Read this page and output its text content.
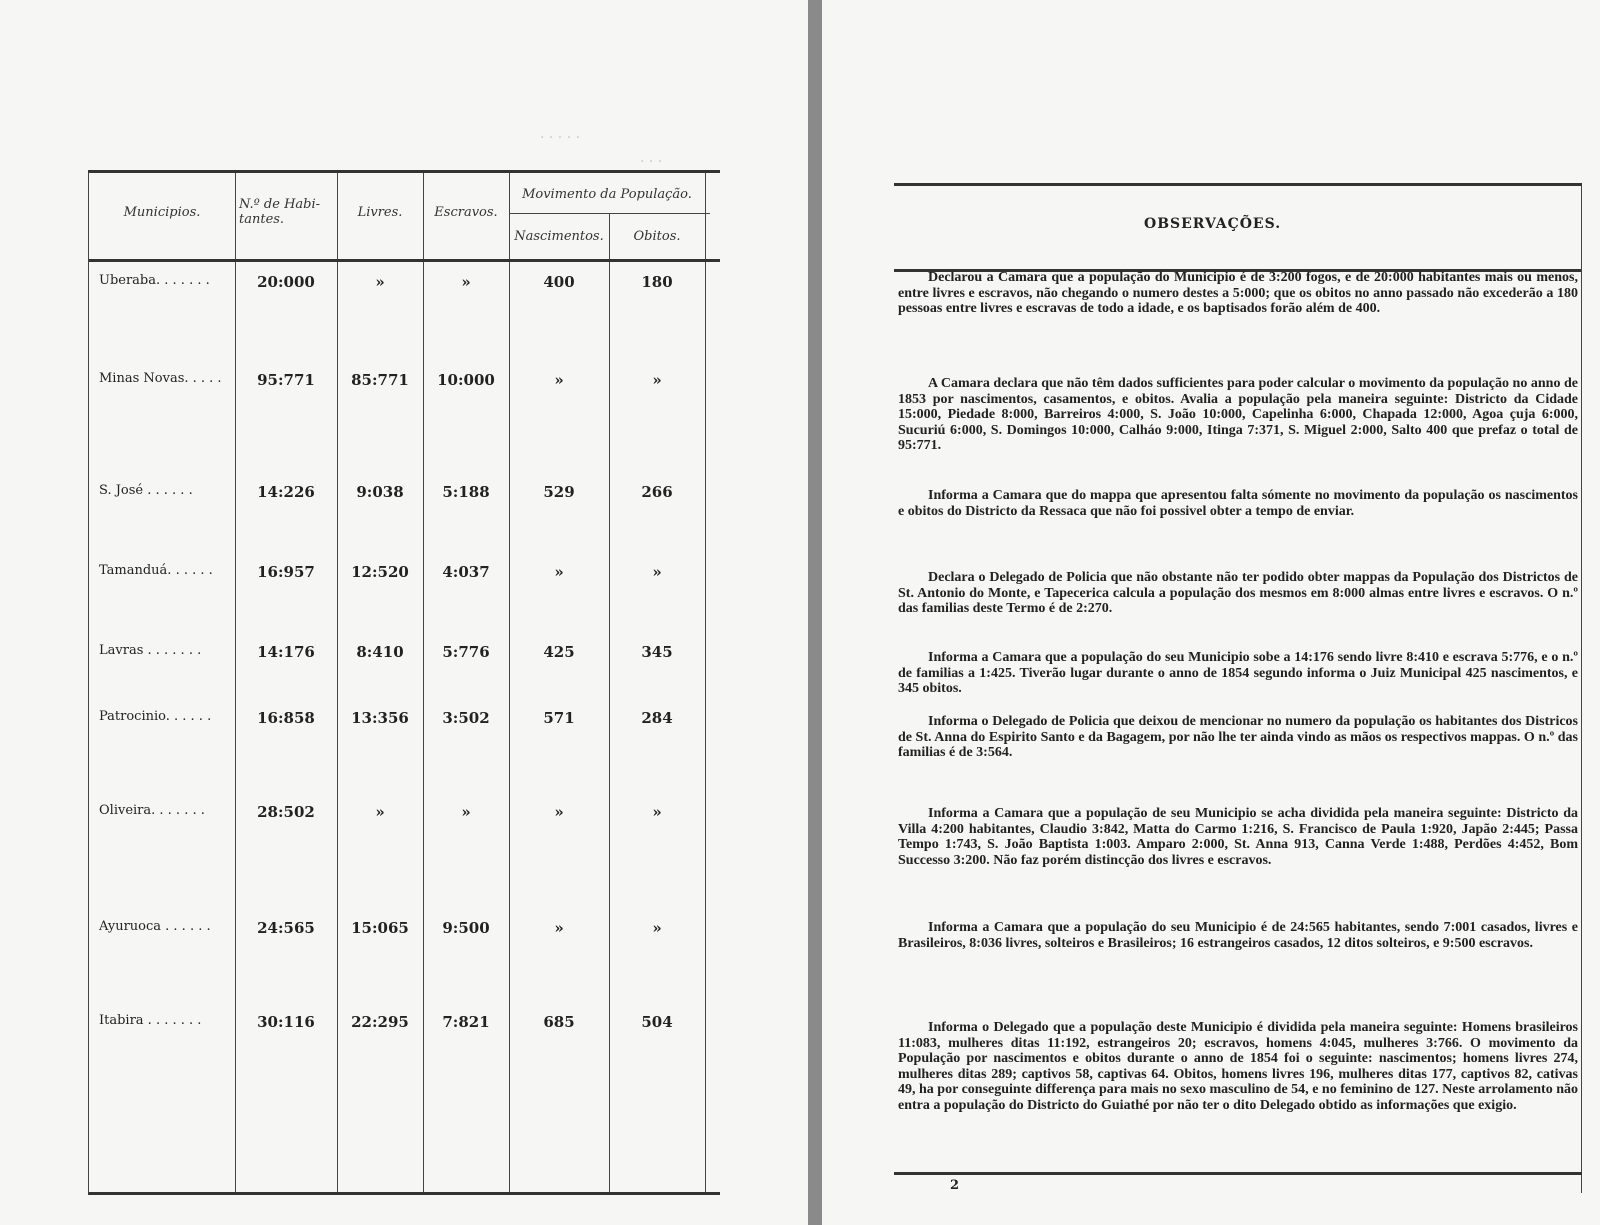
. . . . .
. . .
Municipios.
N.º de Habi-tantes.	Livres.	Escravos.
Movimento da População.
Nascimentos.	Obitos.
Uberaba. . . . . . .	20:000	»	»	400	180
Minas Novas. . . . .	95:771	85:771	10:000	»	»
S. José . . . . . .	14:226	9:038	5:188	529	266
Tamanduá. . . . . .	16:957	12:520	4:037	»	»
Lavras . . . . . . .	14:176	8:410	5:776	425	345
Patrocinio. . . . . .	16:858	13:356	3:502	571	284
Oliveira. . . . . . .	28:502	»	»	»	»
Ayuruoca . . . . . .	24:565	15:065	9:500	»	»
Itabira . . . . . . .	30:116	22:295	7:821	685	504
OBSERVAÇÕES.
Declarou a Camara que a população do Municipio é de 3:200 fogos, e de 20:000 habitantes mais ou menos, entre livres e escravos, não chegando o numero destes a 5:000; que os obitos no anno passado não excederão a 180 pessoas entre livres e escravas de todo a idade, e os baptisados forão além de 400.
A Camara declara que não têm dados sufficientes para poder calcular o movimento da população no anno de 1853 por nascimentos, casamentos, e obitos. Avalia a população pela maneira seguinte: Districto da Cidade 15:000, Piedade 8:000, Barreiros 4:000, S. João 10:000, Capelinha 6:000, Chapada 12:000, Agoa çuja 6:000, Sucuriú 6:000, S. Domingos 10:000, Calháo 9:000, Itinga 7:371, S. Miguel 2:000, Salto 400 que prefaz o total de 95:771.
Informa a Camara que do mappa que apresentou falta sómente no movimento da população os nascimentos e obitos do Districto da Ressaca que não foi possivel obter a tempo de enviar.
Declara o Delegado de Policia que não obstante não ter podido obter mappas da População dos Districtos de St. Antonio do Monte, e Tapecerica calcula a população dos mesmos em 8:000 almas entre livres e escravos. O n.º das familias deste Termo é de 2:270.
Informa a Camara que a população do seu Municipio sobe a 14:176 sendo livre 8:410 e escrava 5:776, e o n.º de familias a 1:425. Tiverão lugar durante o anno de 1854 segundo informa o Juiz Municipal 425 nascimentos, e 345 obitos.
Informa o Delegado de Policia que deixou de mencionar no numero da população os habitantes dos Districos de St. Anna do Espirito Santo e da Bagagem, por não lhe ter ainda vindo as mãos os respectivos mappas. O n.º das familias é de 3:564.
Informa a Camara que a população de seu Municipio se acha dividida pela maneira seguinte: Districto da Villa 4:200 habitantes, Claudio 3:842, Matta do Carmo 1:216, S. Francisco de Paula 1:920, Japão 2:445; Passa Tempo 1:743, S. João Baptista 1:003. Amparo 2:000, St. Anna 913, Canna Verde 1:488, Perdões 4:452, Bom Successo 3:200. Não faz porém distincção dos livres e escravos.
Informa a Camara que a população do seu Municipio é de 24:565 habitantes, sendo 7:001 casados, livres e Brasileiros, 8:036 livres, solteiros e Brasileiros; 16 estrangeiros casados, 12 ditos solteiros, e 9:500 escravos.
Informa o Delegado que a população deste Municipio é dividida pela maneira seguinte: Homens brasileiros 11:083, mulheres ditas 11:192, estrangeiros 20; escravos, homens 4:045, mulheres 3:766. O movimento da População por nascimentos e obitos durante o anno de 1854 foi o seguinte: nascimentos; homens livres 274, mulheres ditas 289; captivos 58, captivas 64. Obitos, homens livres 196, mulheres ditas 177, captivos 82, cativas 49, ha por conseguinte differença para mais no sexo masculino de 54, e no feminino de 127. Neste arrolamento não entra a população do Districto do Guiathé por não ter o dito Delegado obtido as informações que exigio.
2
